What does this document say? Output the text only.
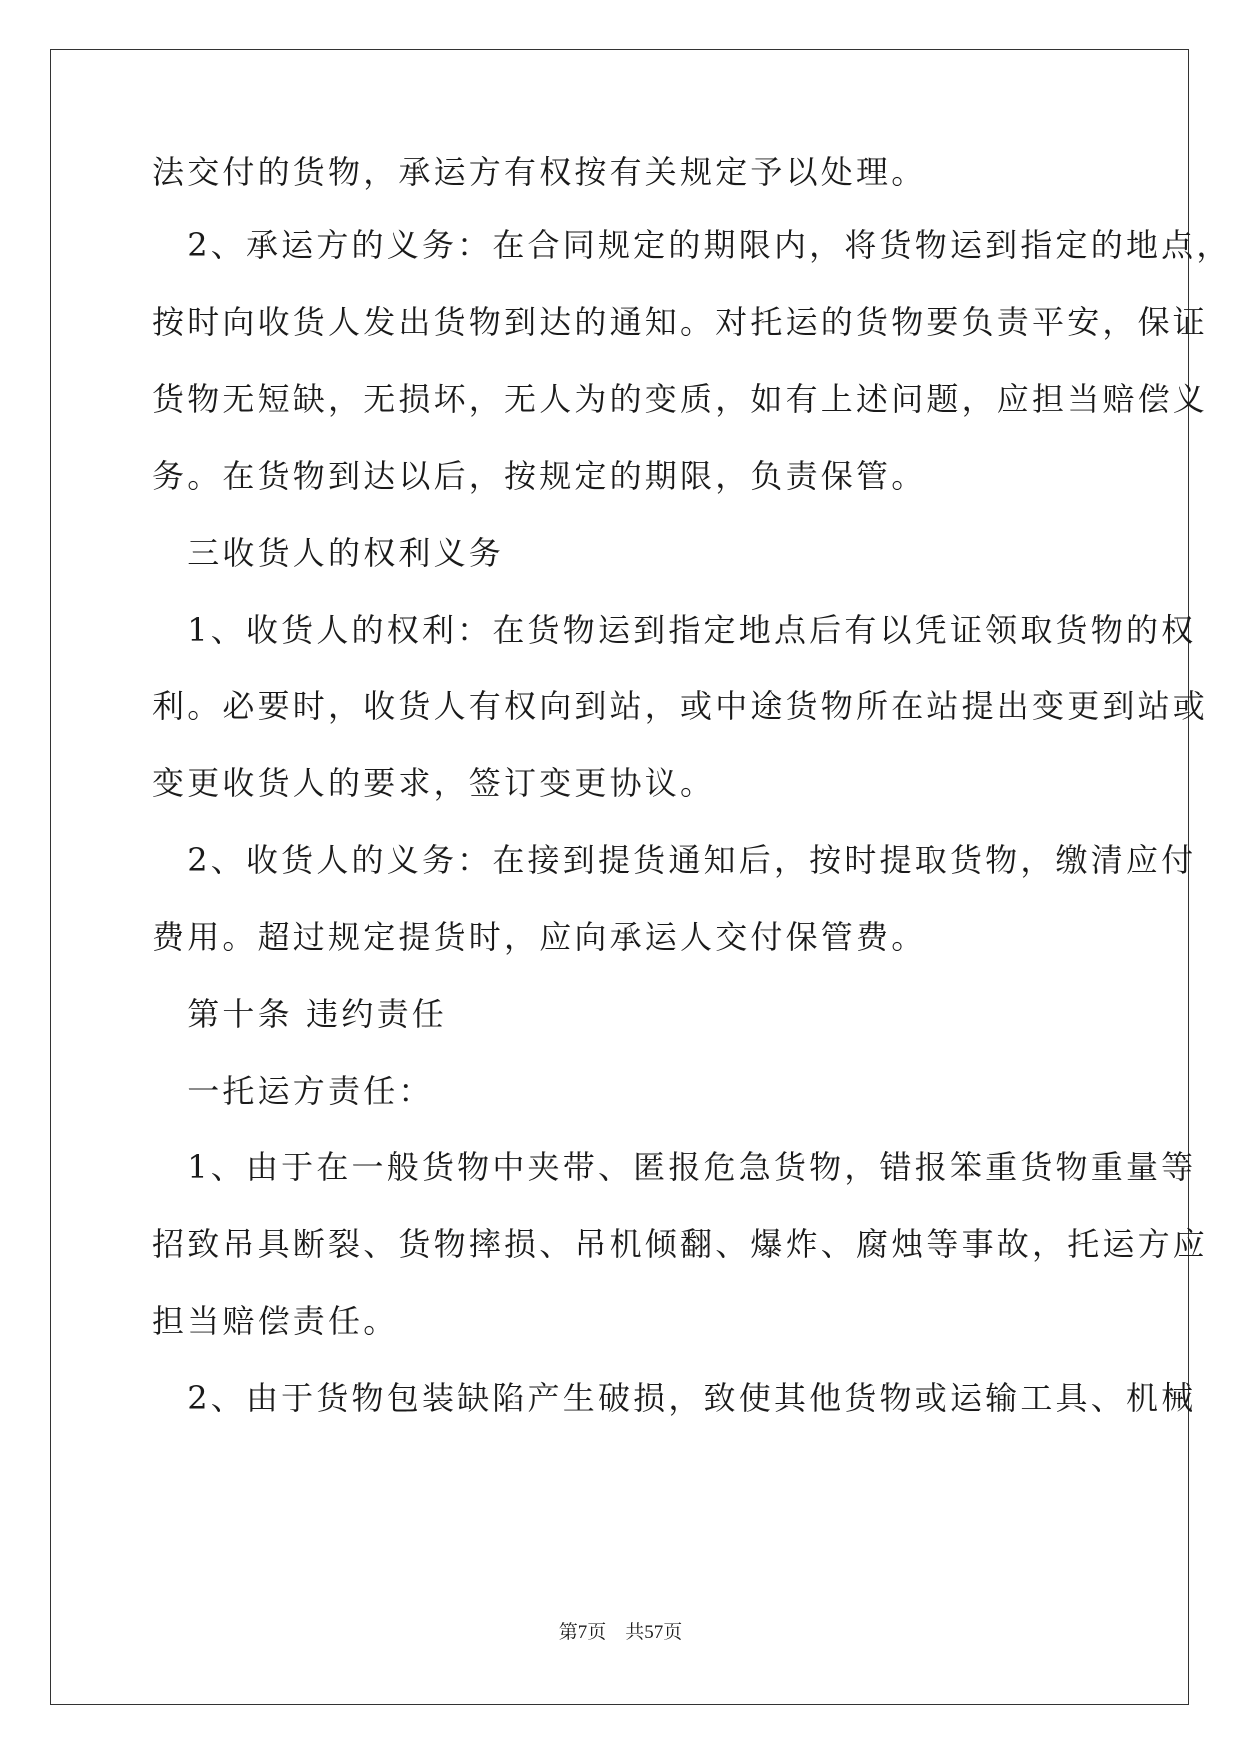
法交付的货物，承运方有权按有关规定予以处理。

　2、承运方的义务：在合同规定的期限内，将货物运到指定的地点，

按时向收货人发出货物到达的通知。对托运的货物要负责平安，保证

货物无短缺，无损坏，无人为的变质，如有上述问题，应担当赔偿义

务。在货物到达以后，按规定的期限，负责保管。

　三收货人的权利义务

　1、收货人的权利：在货物运到指定地点后有以凭证领取货物的权

利。必要时，收货人有权向到站，或中途货物所在站提出变更到站或

变更收货人的要求，签订变更协议。

　2、收货人的义务：在接到提货通知后，按时提取货物，缴清应付

费用。超过规定提货时，应向承运人交付保管费。

　第十条 违约责任

　一托运方责任：

　1、由于在一般货物中夹带、匿报危急货物，错报笨重货物重量等

招致吊具断裂、货物摔损、吊机倾翻、爆炸、腐烛等事故，托运方应

担当赔偿责任。

　2、由于货物包装缺陷产生破损，致使其他货物或运输工具、机械

第7页　共57页
